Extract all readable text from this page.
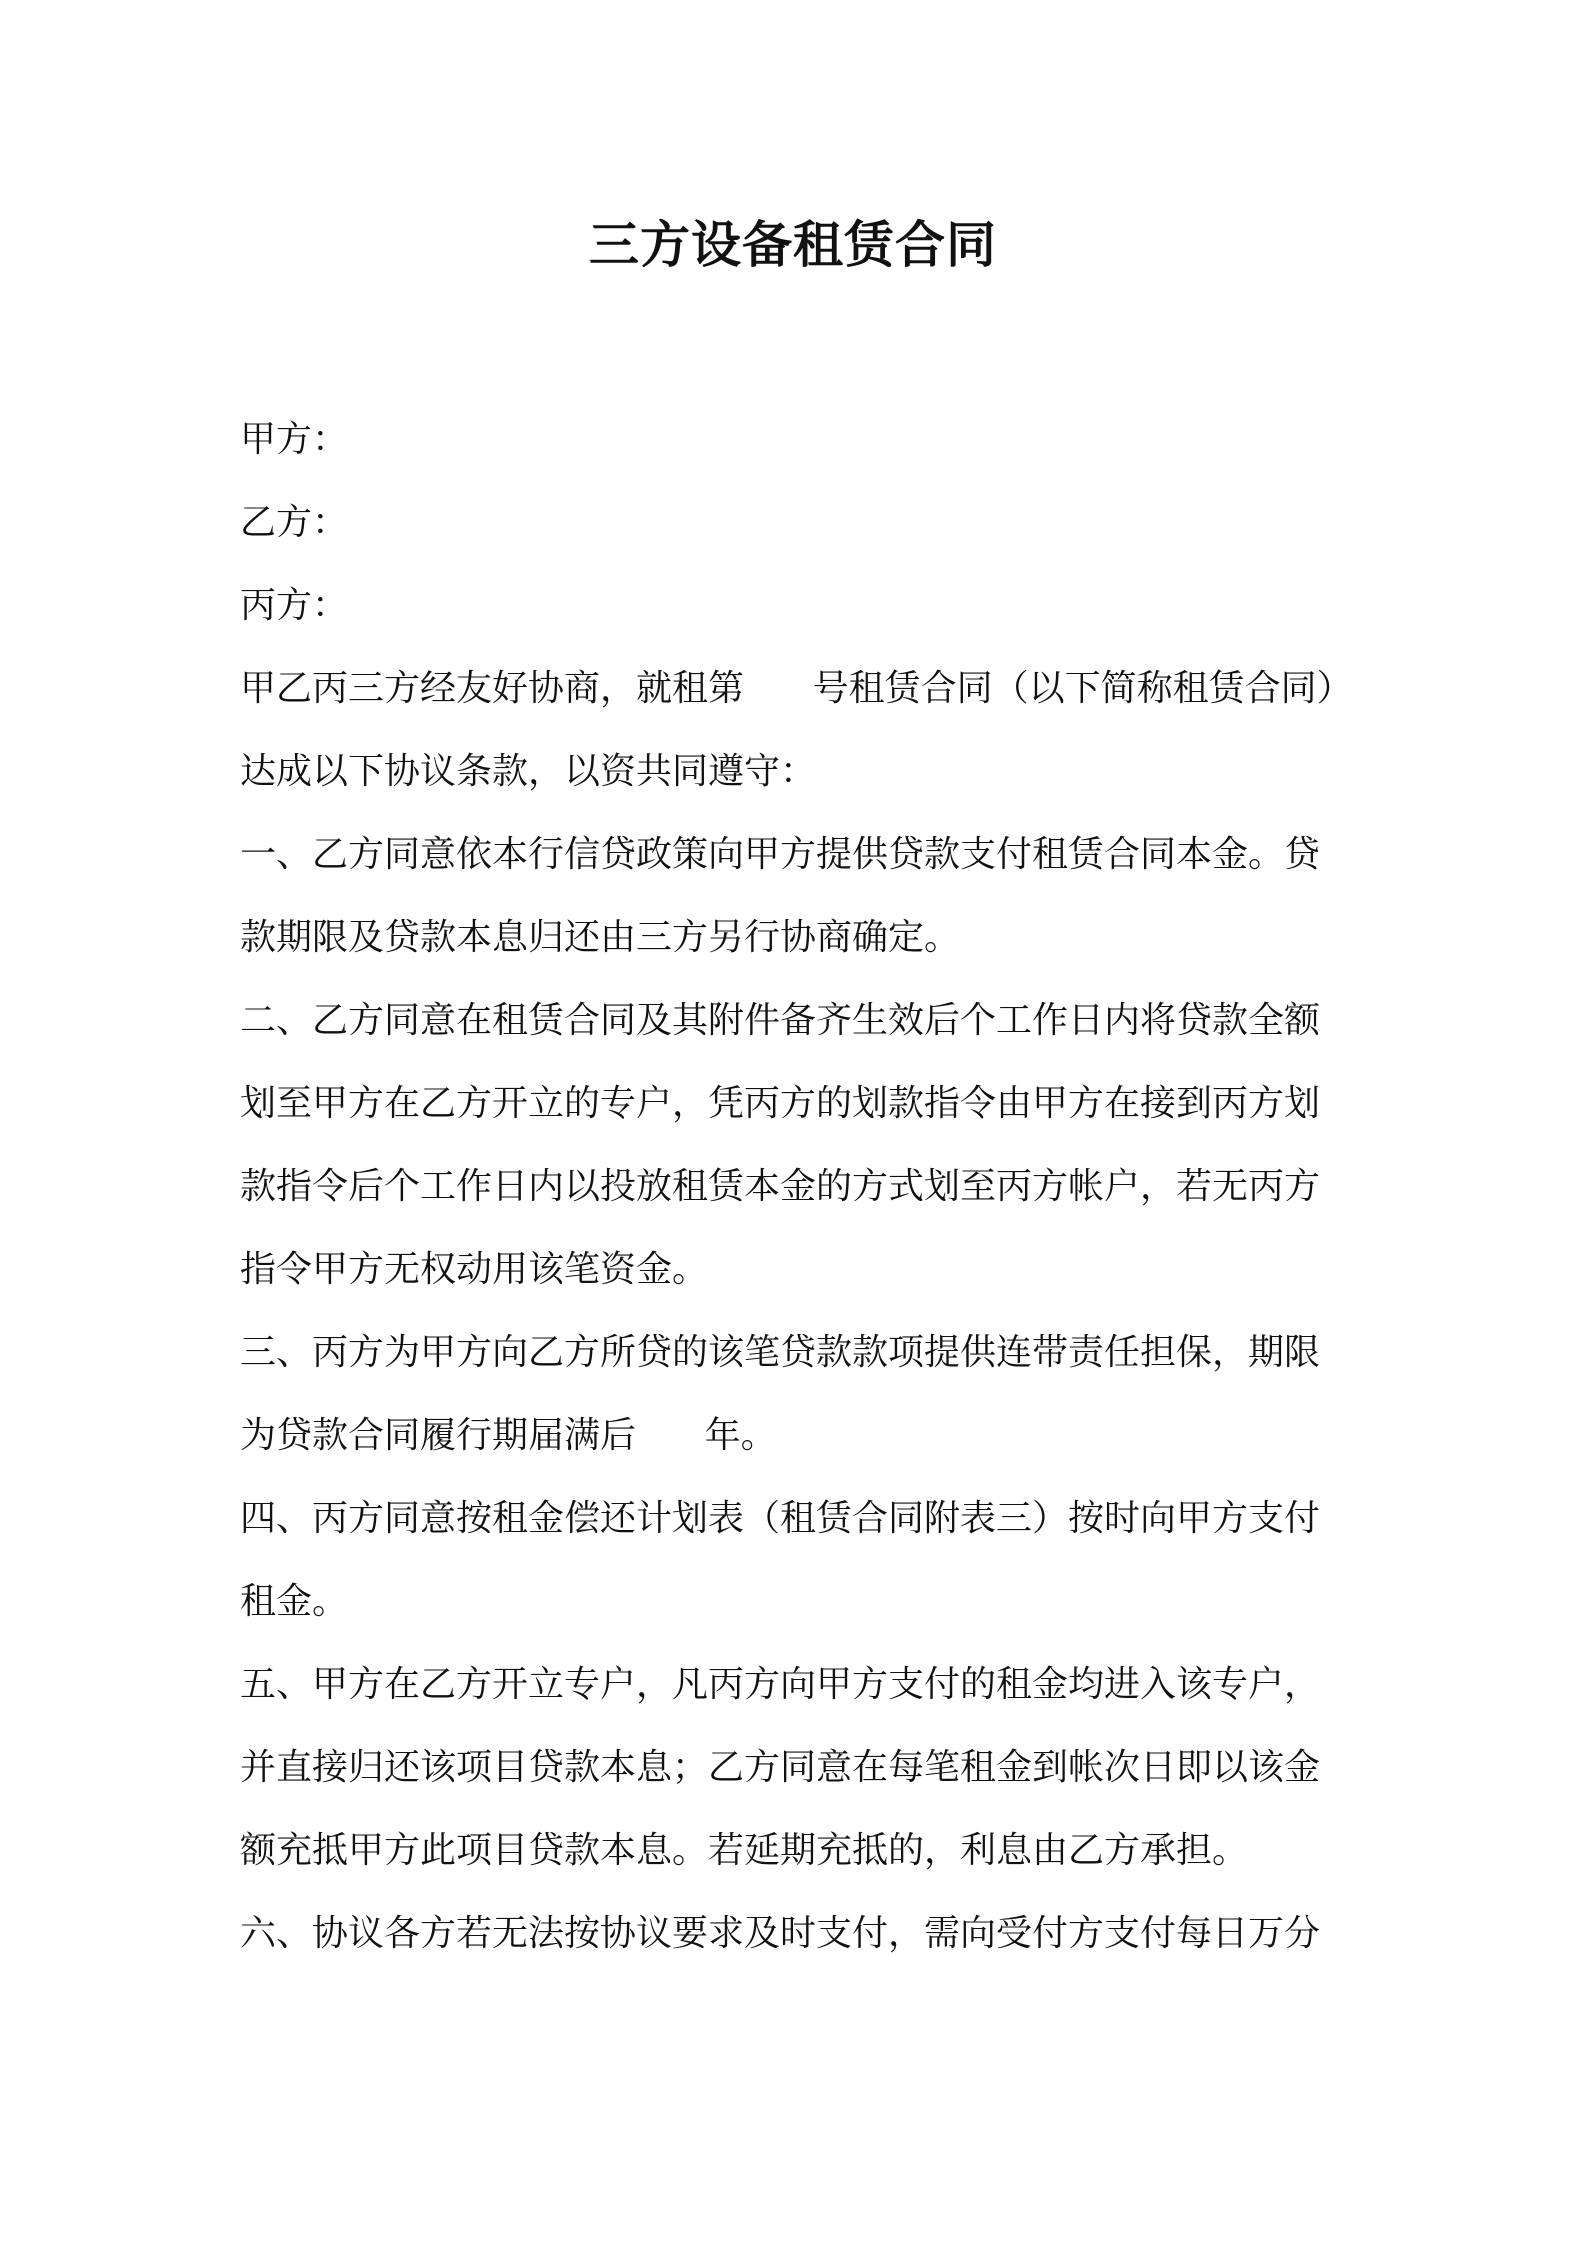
三方设备租赁合同
甲方：
乙方：
丙方：
甲乙丙三方经友好协商，就租第      号租赁合同（以下简称租赁合同）
达成以下协议条款，以资共同遵守：
一、乙方同意依本行信贷政策向甲方提供贷款支付租赁合同本金。贷
款期限及贷款本息归还由三方另行协商确定。
二、乙方同意在租赁合同及其附件备齐生效后个工作日内将贷款全额
划至甲方在乙方开立的专户，凭丙方的划款指令由甲方在接到丙方划
款指令后个工作日内以投放租赁本金的方式划至丙方帐户，若无丙方
指令甲方无权动用该笔资金。
三、丙方为甲方向乙方所贷的该笔贷款款项提供连带责任担保，期限
为贷款合同履行期届满后      年。
四、丙方同意按租金偿还计划表（租赁合同附表三）按时向甲方支付
租金。
五、甲方在乙方开立专户，凡丙方向甲方支付的租金均进入该专户，
并直接归还该项目贷款本息；乙方同意在每笔租金到帐次日即以该金
额充抵甲方此项目贷款本息。若延期充抵的，利息由乙方承担。
六、协议各方若无法按协议要求及时支付，需向受付方支付每日万分
